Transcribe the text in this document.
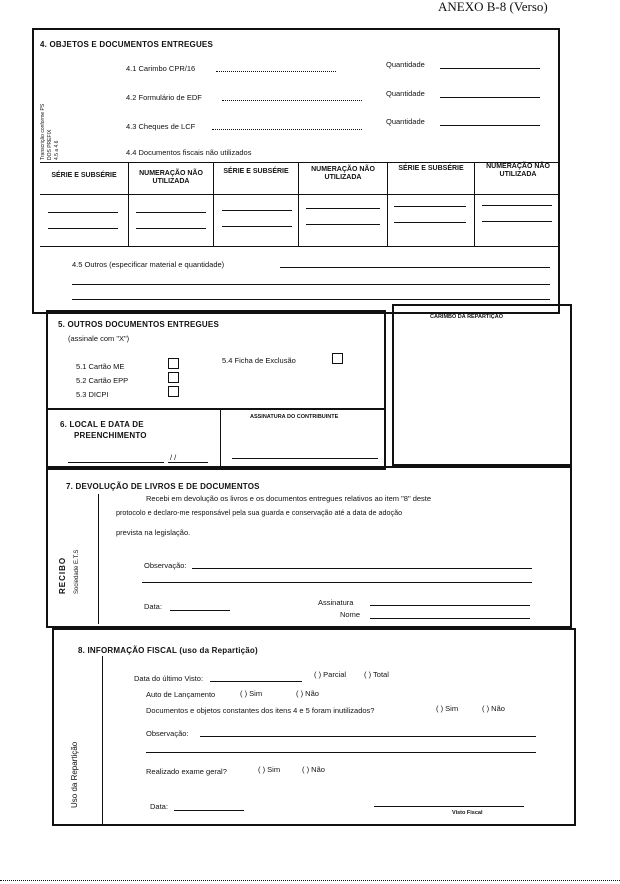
ANEXO B-8 (Verso)
4. OBJETOS E DOCUMENTOS ENTREGUES
Transcrição conforme PS DOS PREFIX 4.5 a 4.6
4.1 Carimbo CPR/16	Quantidade
4.2 Formulário de EDF	Quantidade
4.3 Cheques de LCF
Quantidade
4.4 Documentos fiscais não utilizados
SÉRIE E SUBSÉRIE	NUMERAÇÃO NÃO UTILIZADA
SÉRIE E SUBSÉRIE	NUMERAÇÃO NÃO UTILIZADA
SÉRIE E SUBSÉRIE	NUMERAÇÃO NÃO UTILIZADA
4.5 Outros (especificar material e quantidade)
5. OUTROS DOCUMENTOS ENTREGUES
(assinale com "X")
5.1 Cartão ME
5.2 Cartão EPP
5.3 DICPI
5.4 Ficha de Exclusão
CARIMBO DA REPARTIÇÃO
6. LOCAL E DATA DE
PREENCHIMENTO
/ /
ASSINATURA DO CONTRIBUINTE
7. DEVOLUÇÃO DE LIVROS E DE DOCUMENTOS
RECIBO	Sociedade E.T.S
Recebi em devolução os livros e os documentos entregues relativos ao item "8" deste
protocolo e declaro-me responsável pela sua guarda e conservação até a data de adoção
prevista na legislação.
Observação:
Data:	Assinatura
Nome
8. INFORMAÇÃO FISCAL (uso da Repartição)
Uso da Repartição
Data do último Visto:	( ) Parcial ( ) Total
Auto de Lançamento	( ) Sim	( ) Não
Documentos e objetos constantes dos itens 4 e 5 foram inutilizados?	( ) Sim	( ) Não
Observação:
Realizado exame geral?	( ) Sim	( ) Não
Data:
Visto Fiscal
